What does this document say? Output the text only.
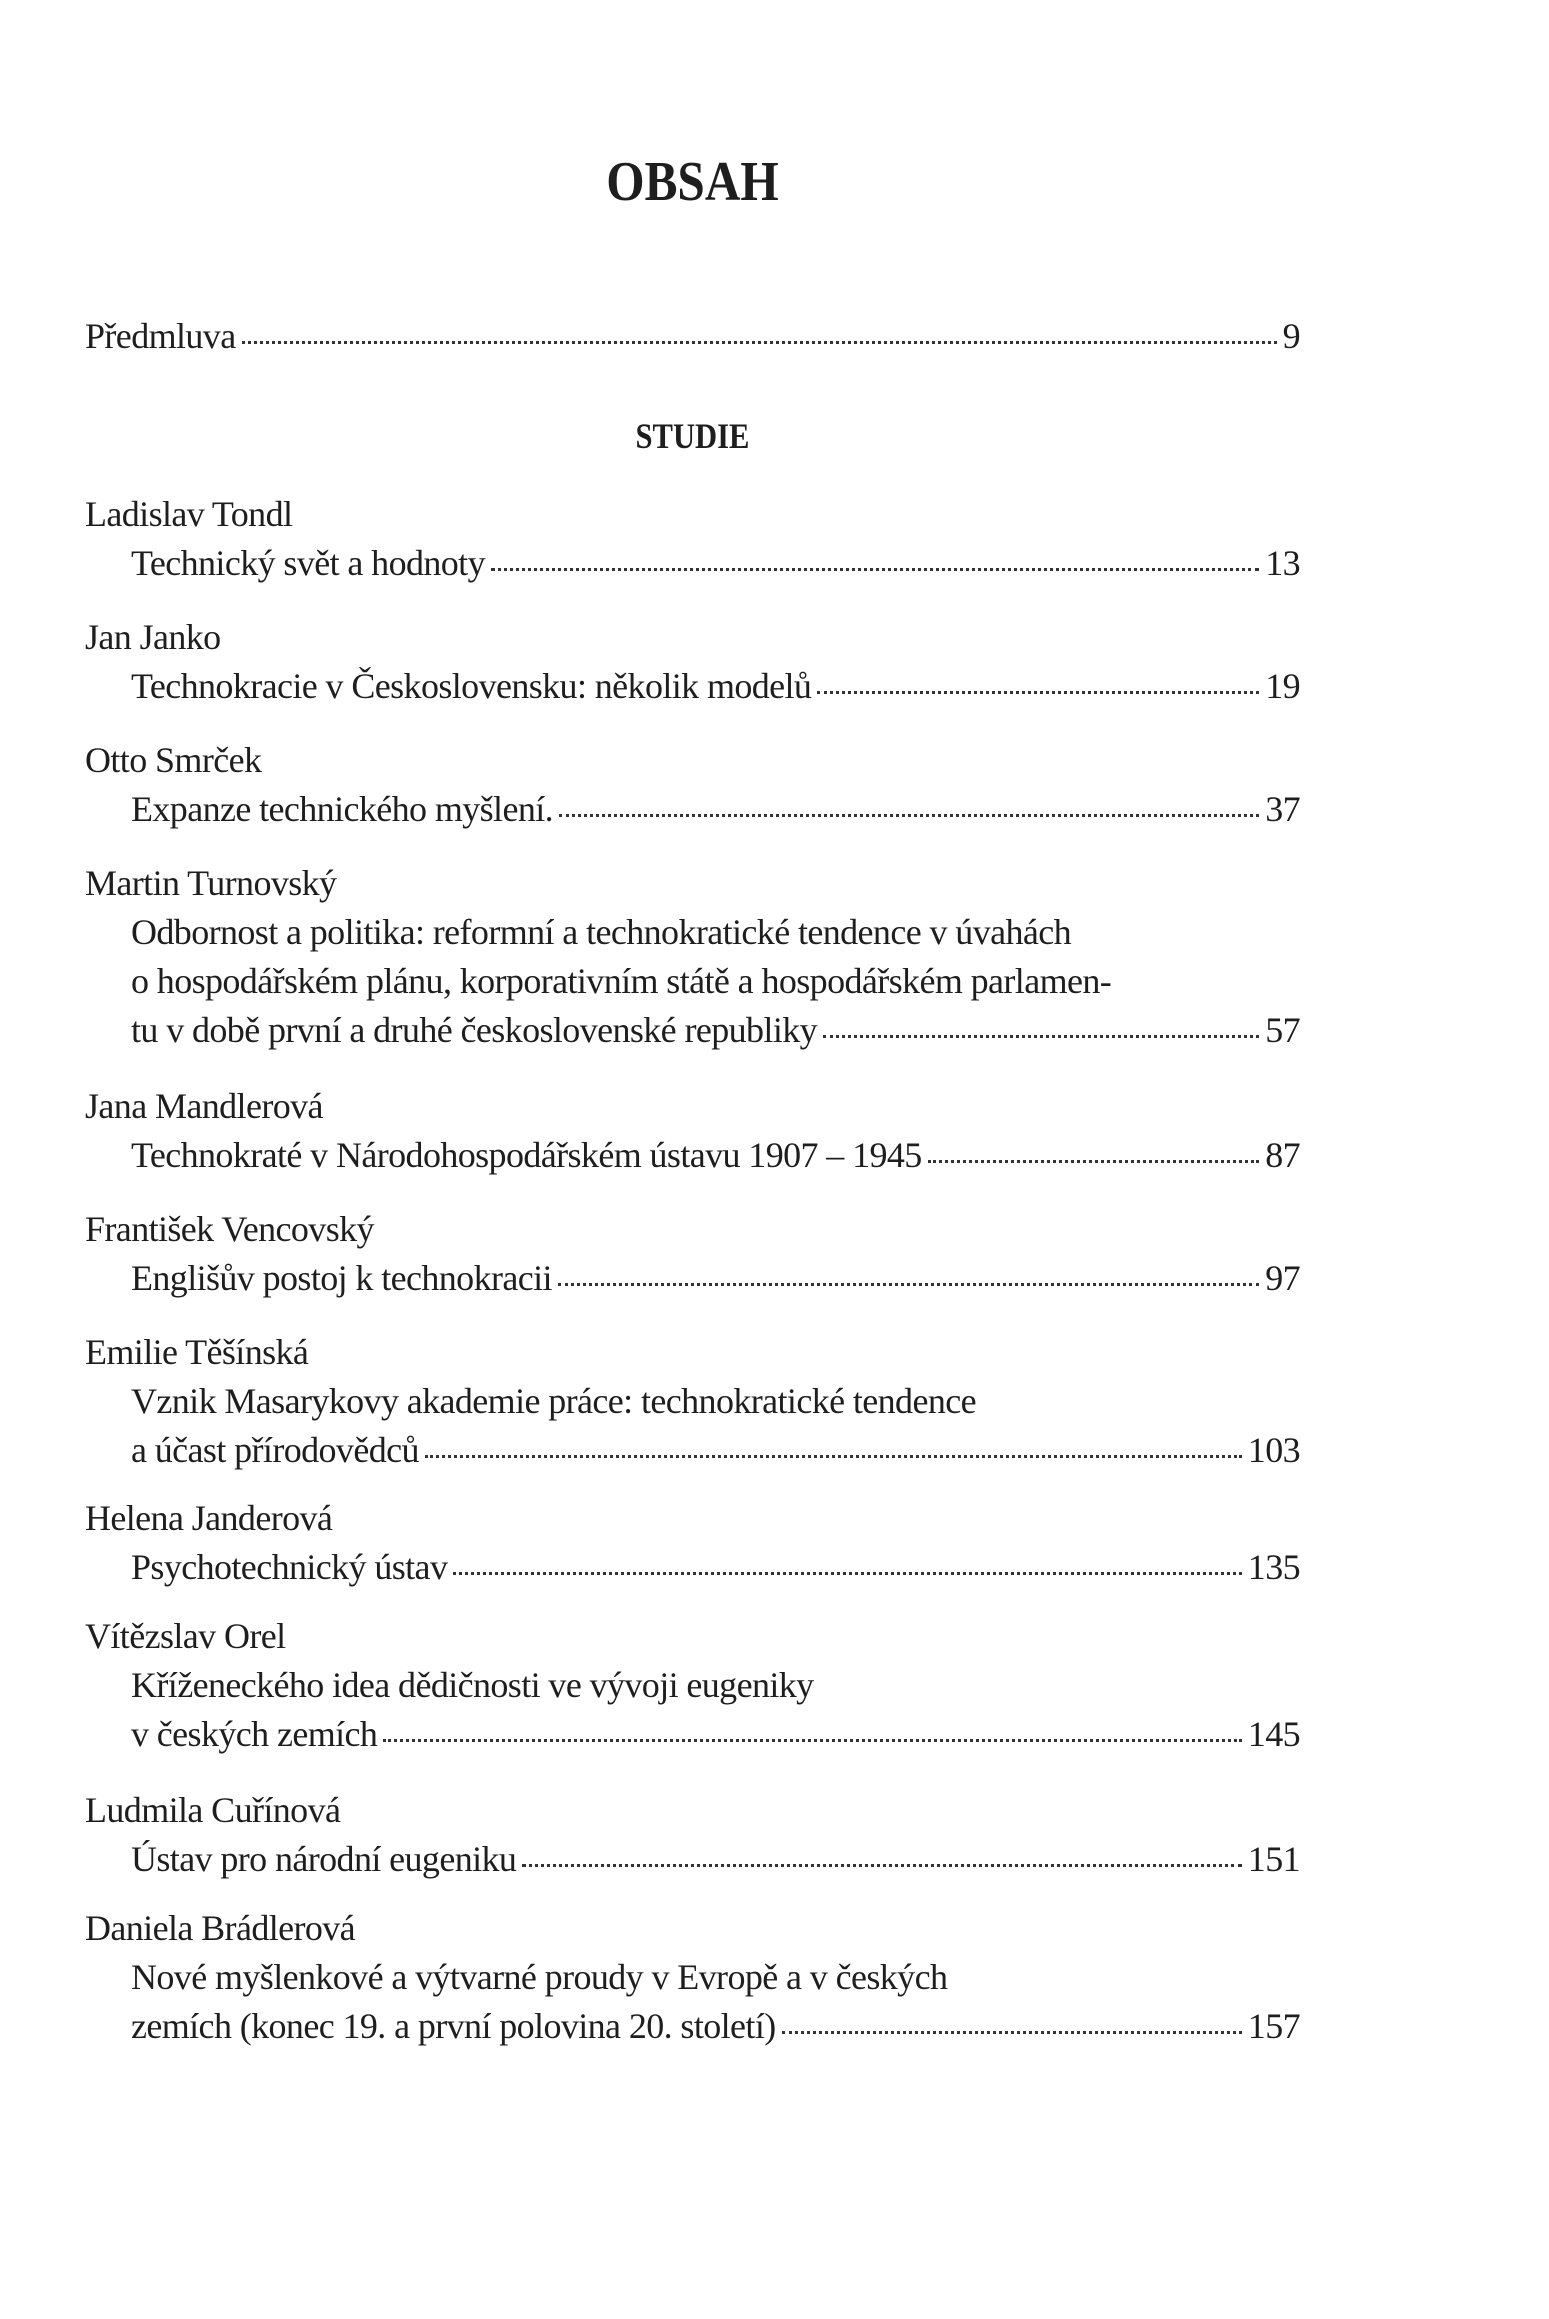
OBSAH
Předmluva	9
STUDIE
Ladislav Tondl
Technický svět a hodnoty	13
Jan Janko
Technokracie v Československu: několik modelů	19
Otto Smrček
Expanze technického myšlení.	37
Martin Turnovský
Odbornost a politika: reformní a technokratické tendence v úvahách
o hospodářském plánu, korporativním státě a hospodářském parlamen-
tu v době první a druhé československé republiky	57
Jana Mandlerová
Technokraté v Národohospodářském ústavu 1907 – 1945	87
František Vencovský
Englišův postoj k technokracii	97
Emilie Těšínská
Vznik Masarykovy akademie práce: technokratické tendence
a účast přírodovědců	103
Helena Janderová
Psychotechnický ústav	135
Vítězslav Orel
Kříženeckého idea dědičnosti ve vývoji eugeniky
v českých zemích	145
Ludmila Cuřínová
Ústav pro národní eugeniku	151
Daniela Brádlerová
Nové myšlenkové a výtvarné proudy v Evropě a v českých
zemích (konec 19. a první polovina 20. století)	157
